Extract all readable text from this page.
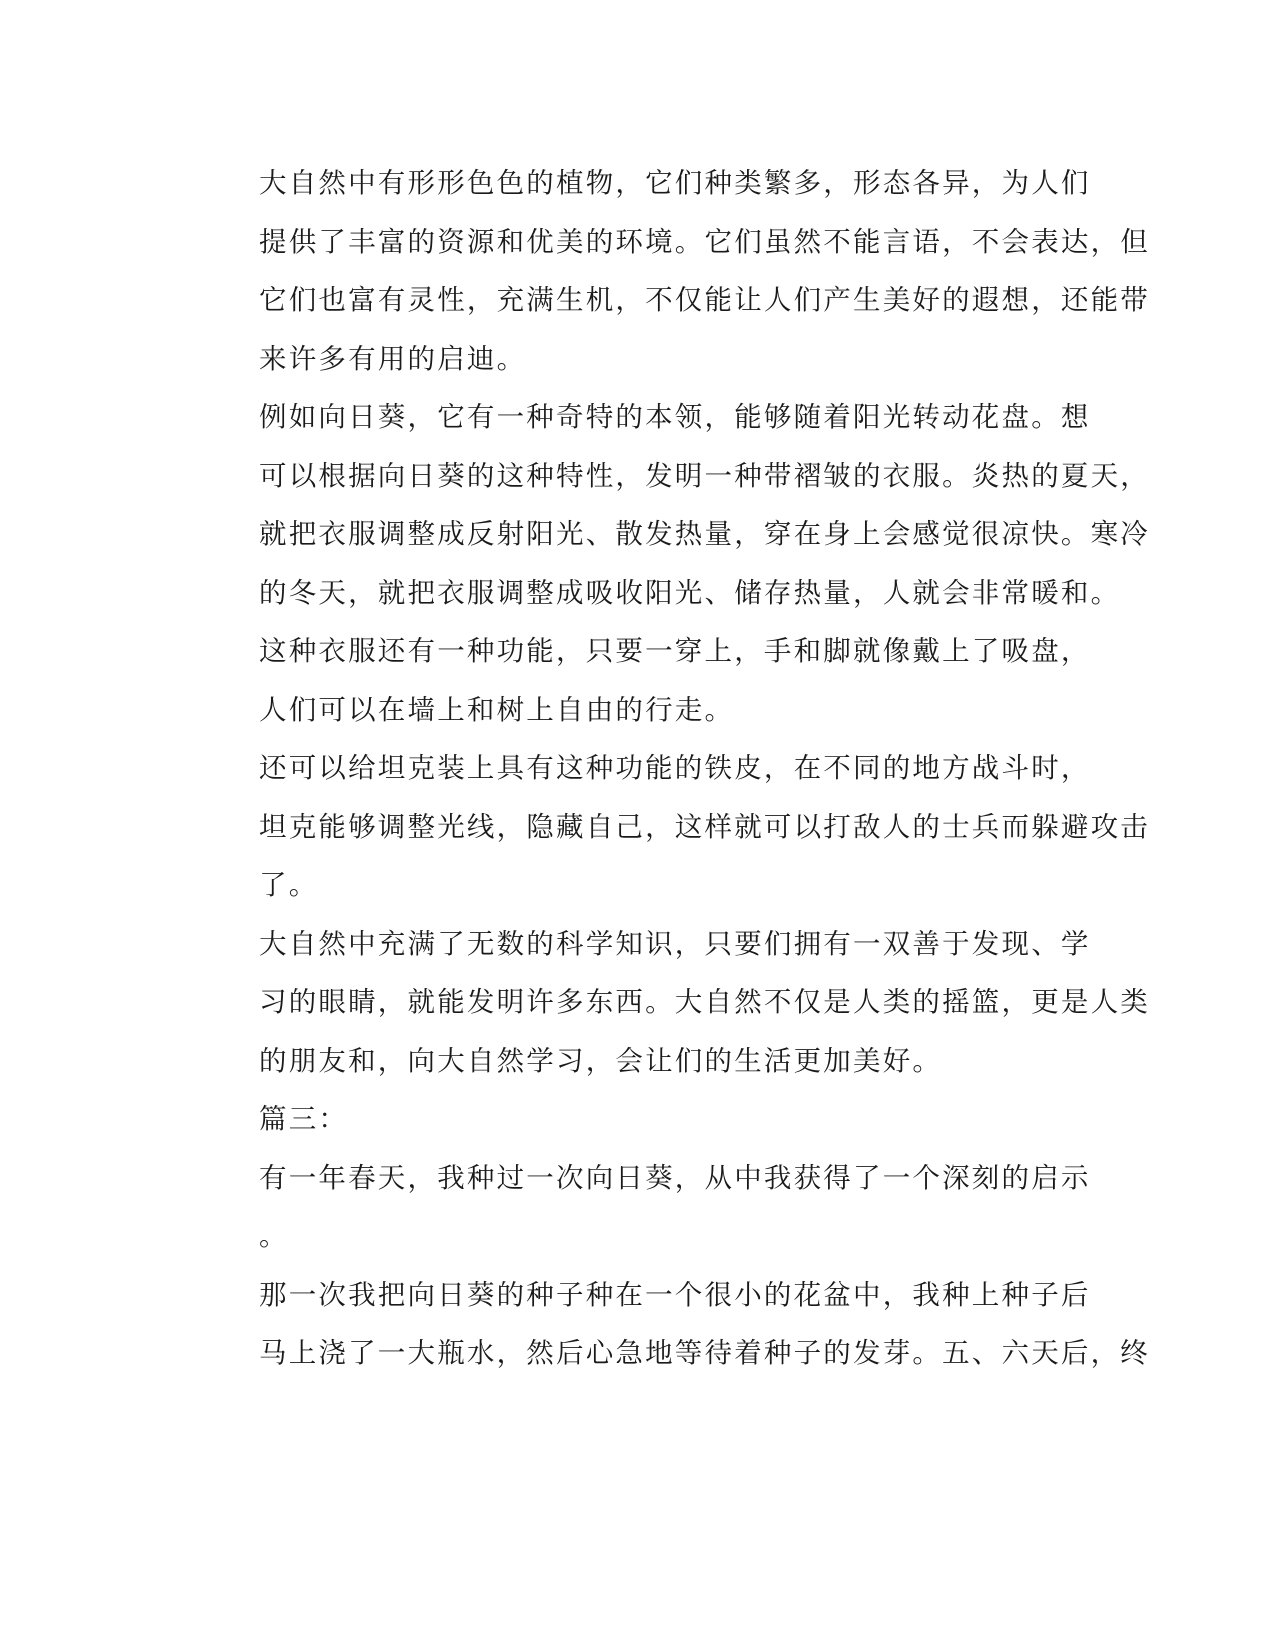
大自然中有形形色色的植物，它们种类繁多，形态各异，为人们
提供了丰富的资源和优美的环境。它们虽然不能言语，不会表达，但
它们也富有灵性，充满生机，不仅能让人们产生美好的遐想，还能带
来许多有用的启迪。

例如向日葵，它有一种奇特的本领，能够随着阳光转动花盘。想
可以根据向日葵的这种特性，发明一种带褶皱的衣服。炎热的夏天，
就把衣服调整成反射阳光、散发热量，穿在身上会感觉很凉快。寒冷
的冬天，就把衣服调整成吸收阳光、储存热量，人就会非常暖和。

这种衣服还有一种功能，只要一穿上，手和脚就像戴上了吸盘，
人们可以在墙上和树上自由的行走。

还可以给坦克装上具有这种功能的铁皮，在不同的地方战斗时，
坦克能够调整光线，隐藏自己，这样就可以打敌人的士兵而躲避攻击
了。

大自然中充满了无数的科学知识，只要们拥有一双善于发现、学
习的眼睛，就能发明许多东西。大自然不仅是人类的摇篮，更是人类
的朋友和，向大自然学习，会让们的生活更加美好。

篇三：

有一年春天，我种过一次向日葵，从中我获得了一个深刻的启示
。

那一次我把向日葵的种子种在一个很小的花盆中，我种上种子后
马上浇了一大瓶水，然后心急地等待着种子的发芽。五、六天后，终
